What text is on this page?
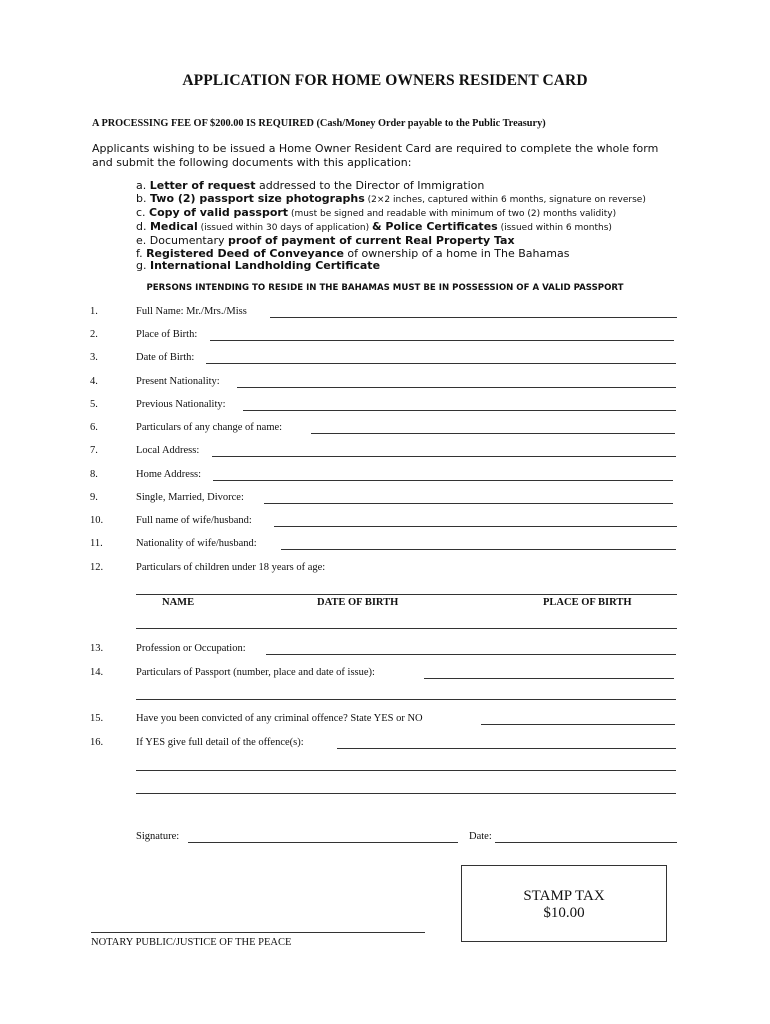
APPLICATION FOR HOME OWNERS RESIDENT CARD
A PROCESSING FEE OF $200.00 IS REQUIRED (Cash/Money Order payable to the Public Treasury)
Applicants wishing to be issued a Home Owner Resident Card are required to complete the whole form and submit the following documents with this application:
a. Letter of request addressed to the Director of Immigration
b. Two (2) passport size photographs (2×2 inches, captured within 6 months, signature on reverse)
c. Copy of valid passport (must be signed and readable with minimum of two (2) months validity)
d. Medical (issued within 30 days of application) & Police Certificates (issued within 6 months)
e. Documentary proof of payment of current Real Property Tax
f. Registered Deed of Conveyance of ownership of a home in The Bahamas
g. International Landholding Certificate
PERSONS INTENDING TO RESIDE IN THE BAHAMAS MUST BE IN POSSESSION OF A VALID PASSPORT
1.	Full Name: Mr./Mrs./Miss
2.	Place of Birth:
3.	Date of Birth:
4.	Present Nationality:
5.	Previous Nationality:
6.	Particulars of any change of name:
7.	Local Address:
8.	Home Address:
9.	Single, Married, Divorce:
10.	Full name of wife/husband:
11.	Nationality of wife/husband:
12.	Particulars of children under 18 years of age:
NAME	DATE OF BIRTH	PLACE OF BIRTH
13.	Profession or Occupation:
14.	Particulars of Passport (number, place and date of issue):
15.	Have you been convicted of any criminal offence? State YES or NO
16.	If YES give full detail of the offence(s):
Signature:	Date:
STAMP TAX
$10.00
NOTARY PUBLIC/JUSTICE OF THE PEACE
